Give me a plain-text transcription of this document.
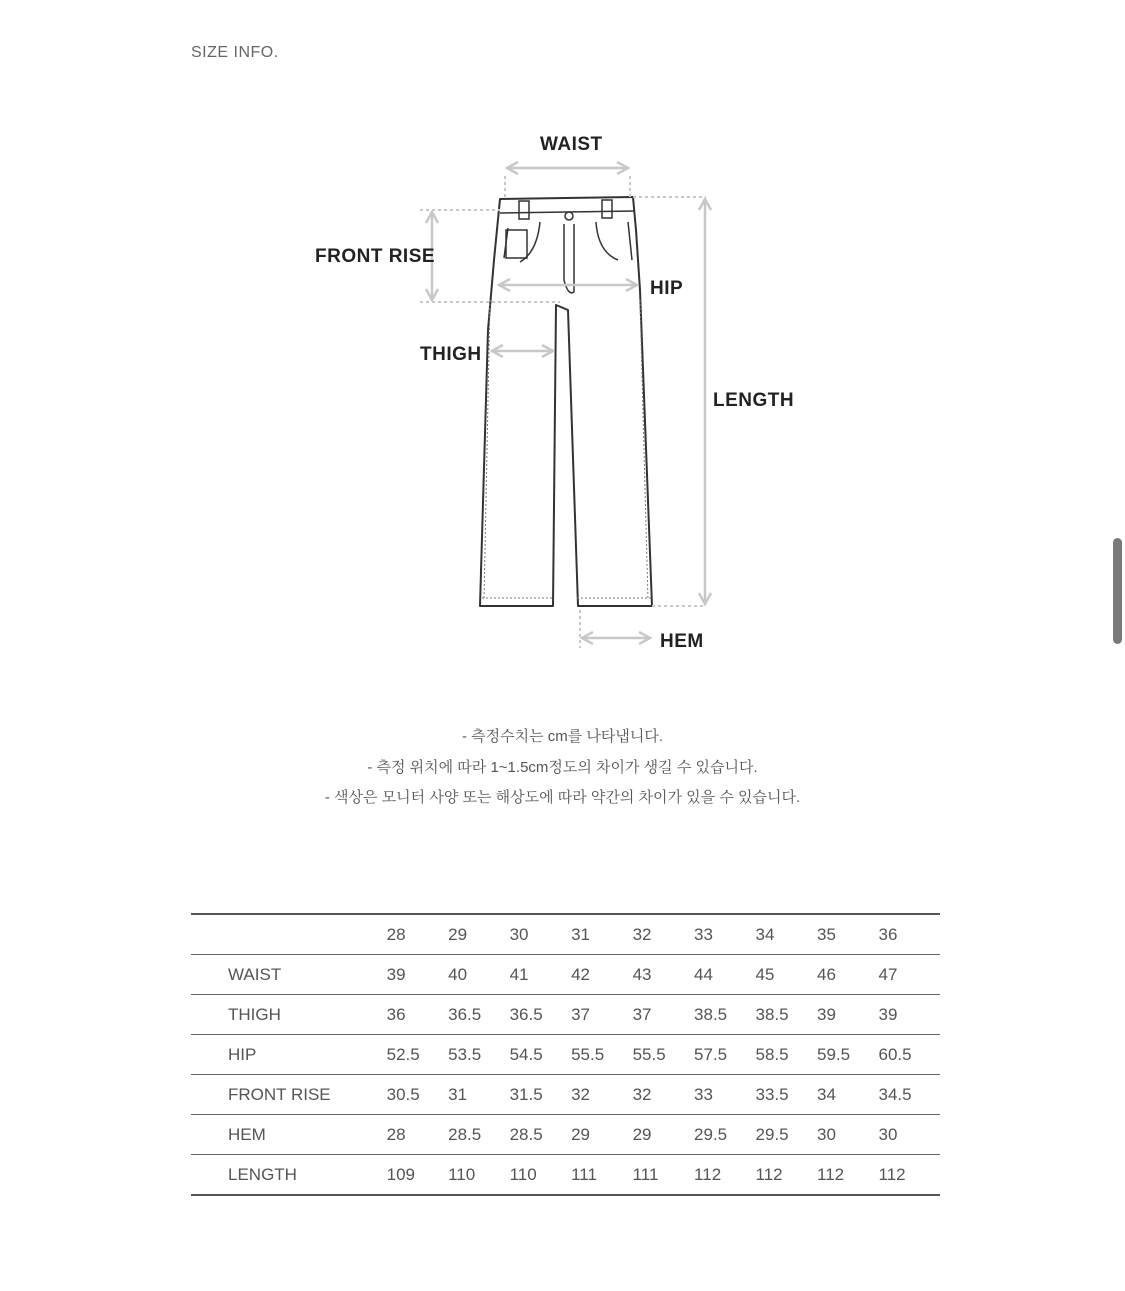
SIZE INFO.
WAIST
FRONT RISE
HIP
THIGH
LENGTH
HEM
- 측정수치는 cm를 나타냅니다.
- 측정 위치에 따라 1~1.5cm정도의 차이가 생길 수 있습니다.
- 색상은 모니터 사양 또는 해상도에 따라 약간의 차이가 있을 수 있습니다.
	28	29	30	31	32	33	34	35	36
WAIST	39	40	41	42	43	44	45	46	47
THIGH	36	36.5	36.5	37	37	38.5	38.5	39	39
HIP	52.5	53.5	54.5	55.5	55.5	57.5	58.5	59.5	60.5
FRONT RISE	30.5	31	31.5	32	32	33	33.5	34	34.5
HEM	28	28.5	28.5	29	29	29.5	29.5	30	30
LENGTH	109	110	110	111	111	112	112	112	112
